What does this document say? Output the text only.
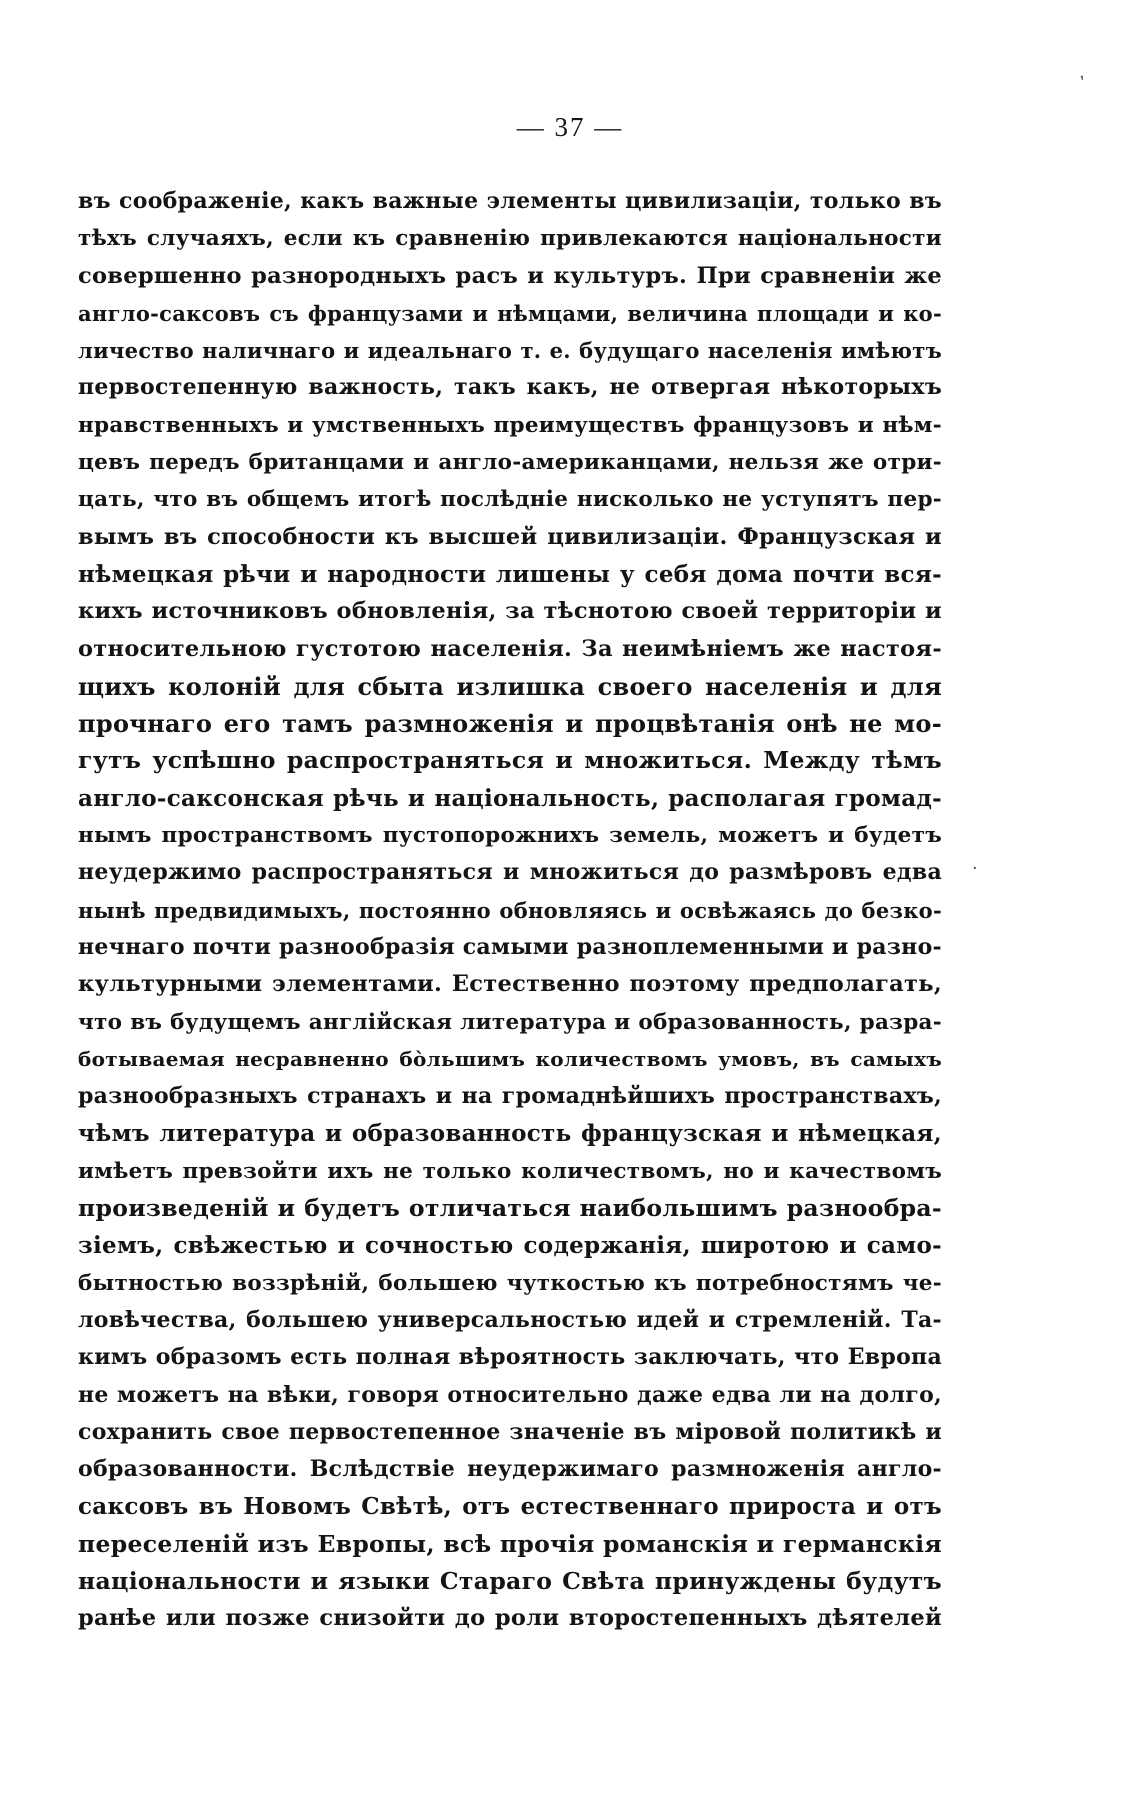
ʼ
·
— 37 —
въ соображеніе, какъ важные элементы цивилизаціи, только въ
тѣхъ случаяхъ, если къ сравненію привлекаются національности
совершенно разнородныхъ расъ и культуръ. При сравненіи же
англо-саксовъ съ французами и нѣмцами, величина площади и ко-
личество наличнаго и идеальнаго т. е. будущаго населенія имѣютъ
первостепенную важность, такъ какъ, не отвергая нѣкоторыхъ
нравственныхъ и умственныхъ преимуществъ французовъ и нѣм-
цевъ передъ британцами и англо-американцами, нельзя же отри-
цать, что въ общемъ итогѣ послѣдніе нисколько не уступятъ пер-
вымъ въ способности къ высшей цивилизаціи. Французская и
нѣмецкая рѣчи и народности лишены у себя дома почти вся-
кихъ источниковъ обновленія, за тѣснотою своей территоріи и
относительною густотою населенія. За неимѣніемъ же настоя-
щихъ колоній для сбыта излишка своего населенія и для
прочнаго его тамъ размноженія и процвѣтанія онѣ не мо-
гутъ успѣшно распространяться и множиться. Между тѣмъ
англо-саксонская рѣчь и національность, располагая громад-
нымъ пространствомъ пустопорожнихъ земель, можетъ и будетъ
неудержимо распространяться и множиться до размѣровъ едва
нынѣ предвидимыхъ, постоянно обновляясь и освѣжаясь до безко-
нечнаго почти разнообразія самыми разноплеменными и разно-
культурными элементами. Естественно поэтому предполагать,
что въ будущемъ англійская литература и образованность, разра-
ботываемая несравненно бо̀льшимъ количествомъ умовъ, въ самыхъ
разнообразныхъ странахъ и на громаднѣйшихъ пространствахъ,
чѣмъ литература и образованность французская и нѣмецкая,
имѣетъ превзойти ихъ не только количествомъ, но и качествомъ
произведеній и будетъ отличаться наибольшимъ разнообра-
зіемъ, свѣжестью и сочностью содержанія, широтою и само-
бытностью воззрѣній, большею чуткостью къ потребностямъ че-
ловѣчества, большею универсальностью идей и стремленій. Та-
кимъ образомъ есть полная вѣроятность заключать, что Европа
не можетъ на вѣки, говоря относительно даже едва ли на долго,
сохранить свое первостепенное значеніе въ міровой политикѣ и
образованности. Вслѣдствіе неудержимаго размноженія англо-
саксовъ въ Новомъ Свѣтѣ, отъ естественнаго прироста и отъ
переселеній изъ Европы, всѣ прочія романскія и германскія
національности и языки Стараго Свѣта принуждены будутъ
ранѣе или позже снизойти до роли второстепенныхъ дѣятелей
